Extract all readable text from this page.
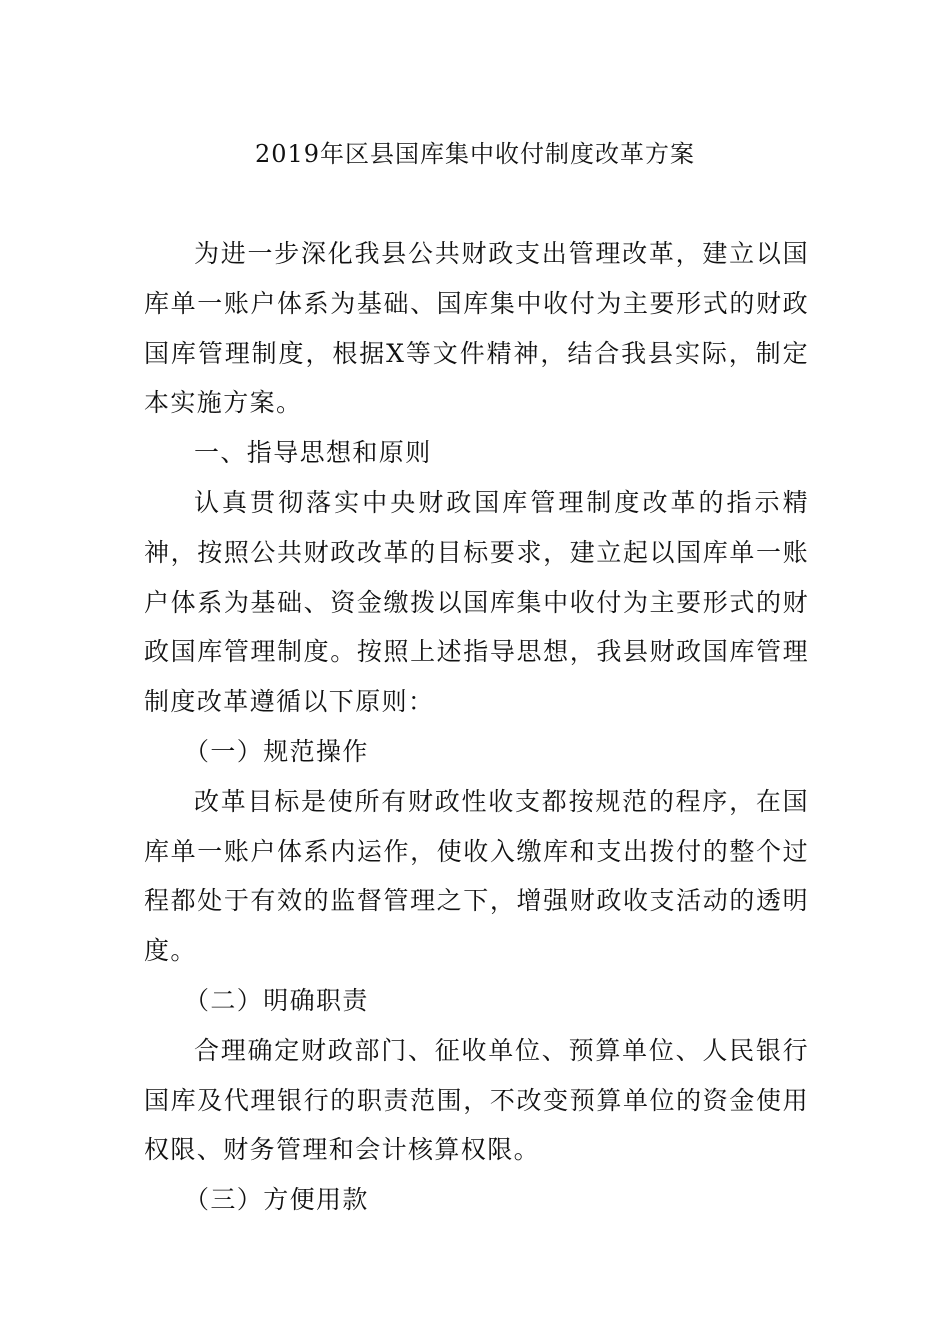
2019年区县国库集中收付制度改革方案

为进一步深化我县公共财政支出管理改革，建立以国库单一账户体系为基础、国库集中收付为主要形式的财政国库管理制度，根据X等文件精神，结合我县实际，制定本实施方案。

一、指导思想和原则

认真贯彻落实中央财政国库管理制度改革的指示精神，按照公共财政改革的目标要求，建立起以国库单一账户体系为基础、资金缴拨以国库集中收付为主要形式的财政国库管理制度。按照上述指导思想，我县财政国库管理制度改革遵循以下原则：

（一）规范操作

改革目标是使所有财政性收支都按规范的程序，在国库单一账户体系内运作，使收入缴库和支出拨付的整个过程都处于有效的监督管理之下，增强财政收支活动的透明度。

（二）明确职责

合理确定财政部门、征收单位、预算单位、人民银行国库及代理银行的职责范围，不改变预算单位的资金使用权限、财务管理和会计核算权限。

（三）方便用款
